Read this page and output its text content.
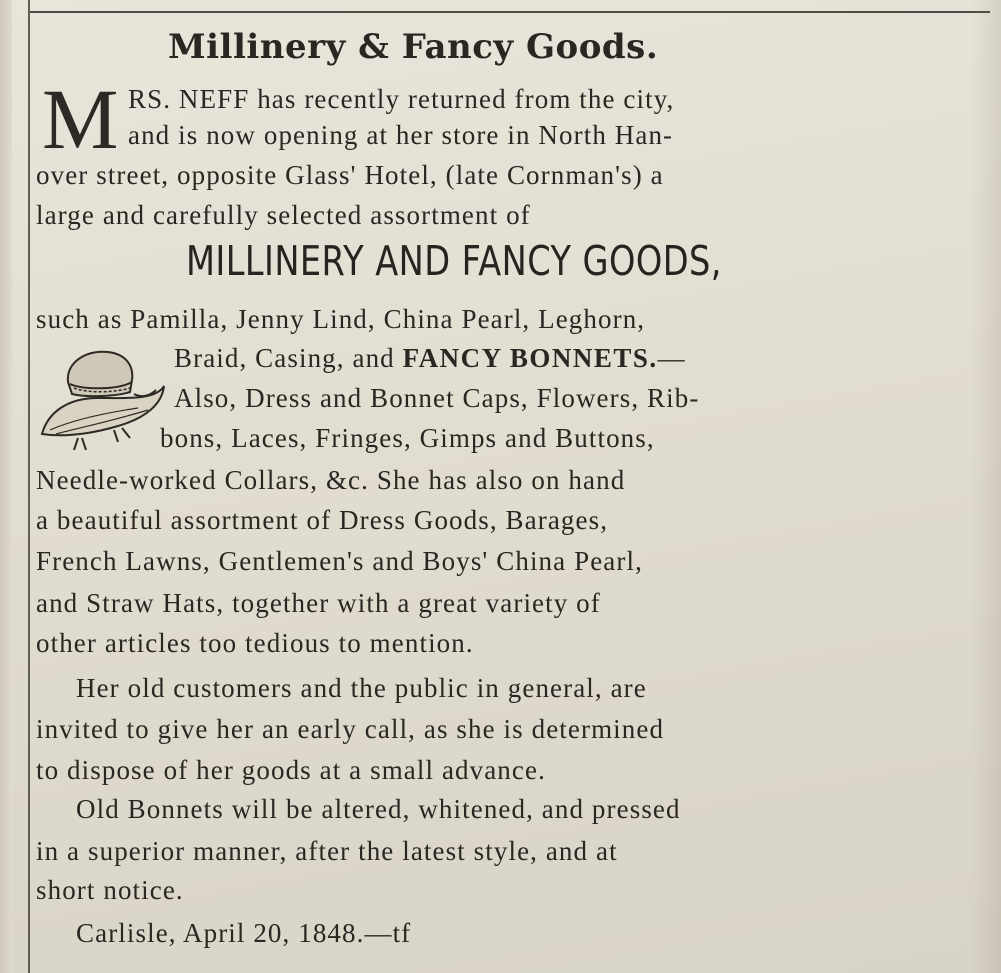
Millinery & Fancy Goods.
M RS. NEFF has recently returned from the city,
and is now opening at her store in North Han-
over street, opposite Glass' Hotel, (late Cornman's) a
large and carefully selected assortment of
MILLINERY AND FANCY GOODS,
such as Pamilla, Jenny Lind, China Pearl, Leghorn,
Braid, Casing, and FANCY BONNETS.—
Also, Dress and Bonnet Caps, Flowers, Rib-
bons, Laces, Fringes, Gimps and Buttons,
Needle-worked Collars, &c. She has also on hand
a beautiful assortment of Dress Goods, Barages,
French Lawns, Gentlemen's and Boys' China Pearl,
and Straw Hats, together with a great variety of
other articles too tedious to mention.
Her old customers and the public in general, are
invited to give her an early call, as she is determined
to dispose of her goods at a small advance.
Old Bonnets will be altered, whitened, and pressed
in a superior manner, after the latest style, and at
short notice.
Carlisle, April 20, 1848.—tf
